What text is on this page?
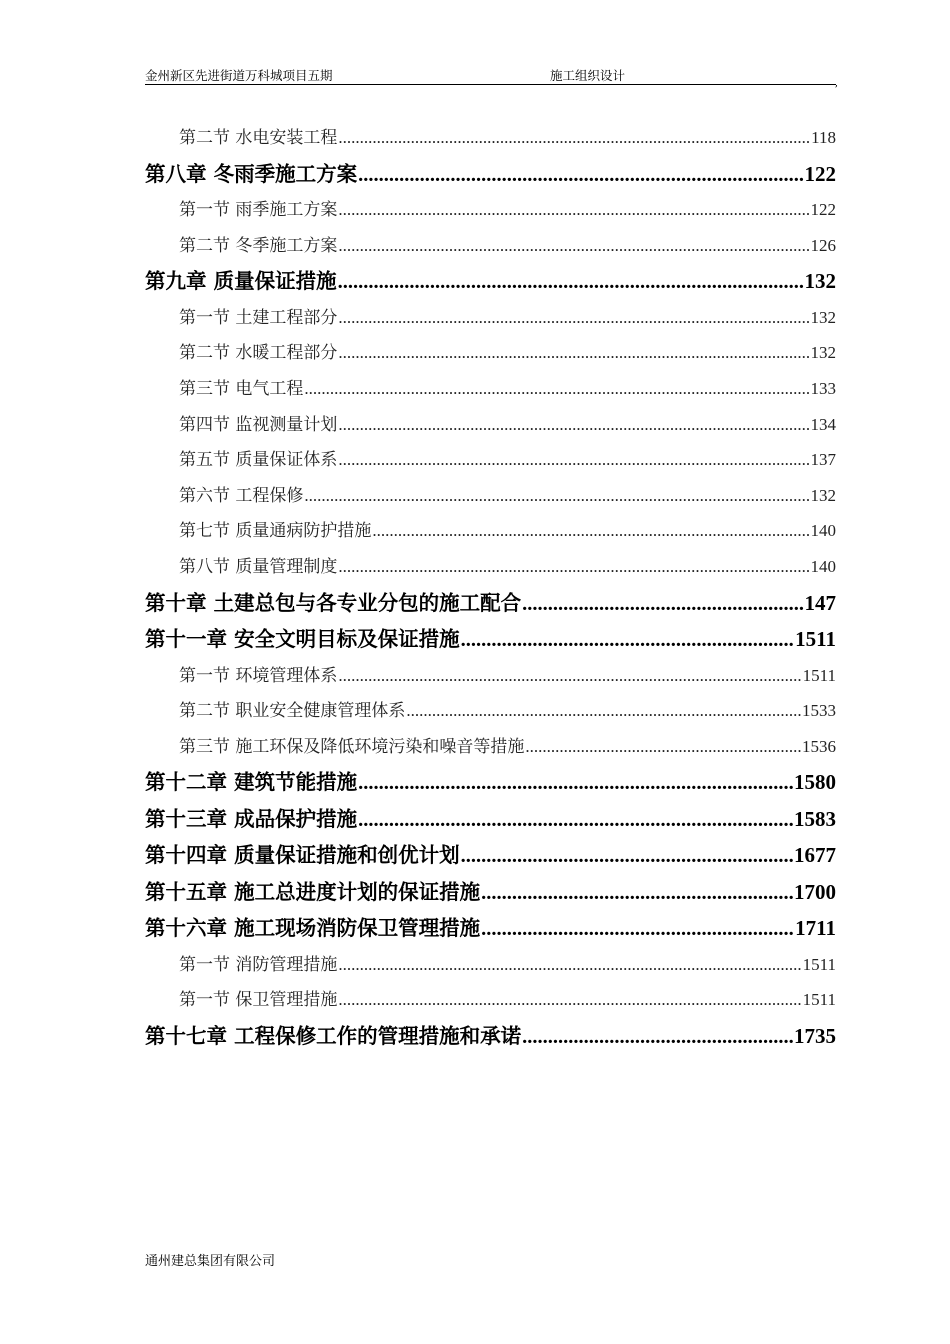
金州新区先进街道万科城项目五期	施工组织设计
,
第二节 水电安装工程 .....	118
第八章 冬雨季施工方案 .....	122
第一节 雨季施工方案 .....	122
第二节 冬季施工方案 .....	126
第九章 质量保证措施 .....	132
第一节 土建工程部分 .....	132
第二节 水暖工程部分 .....	132
第三节 电气工程 .....	133
第四节 监视测量计划 .....	134
第五节 质量保证体系 .....	137
第六节 工程保修 .....	132
第七节 质量通病防护措施 .....	140
第八节 质量管理制度 .....	140
第十章 土建总包与各专业分包的施工配合 .....	147
第十一章 安全文明目标及保证措施 .....	1511
第一节 环境管理体系 .....	1511
第二节 职业安全健康管理体系 .....	1533
第三节 施工环保及降低环境污染和噪音等措施 .....	1536
第十二章 建筑节能措施 .....	1580
第十三章 成品保护措施 .....	1583
第十四章 质量保证措施和创优计划 .....	1677
第十五章 施工总进度计划的保证措施 .....	1700
第十六章 施工现场消防保卫管理措施 .....	1711
第一节 消防管理措施 .....	1511
第一节 保卫管理措施 .....	1511
第十七章 工程保修工作的管理措施和承诺 .....	1735
通州建总集团有限公司
